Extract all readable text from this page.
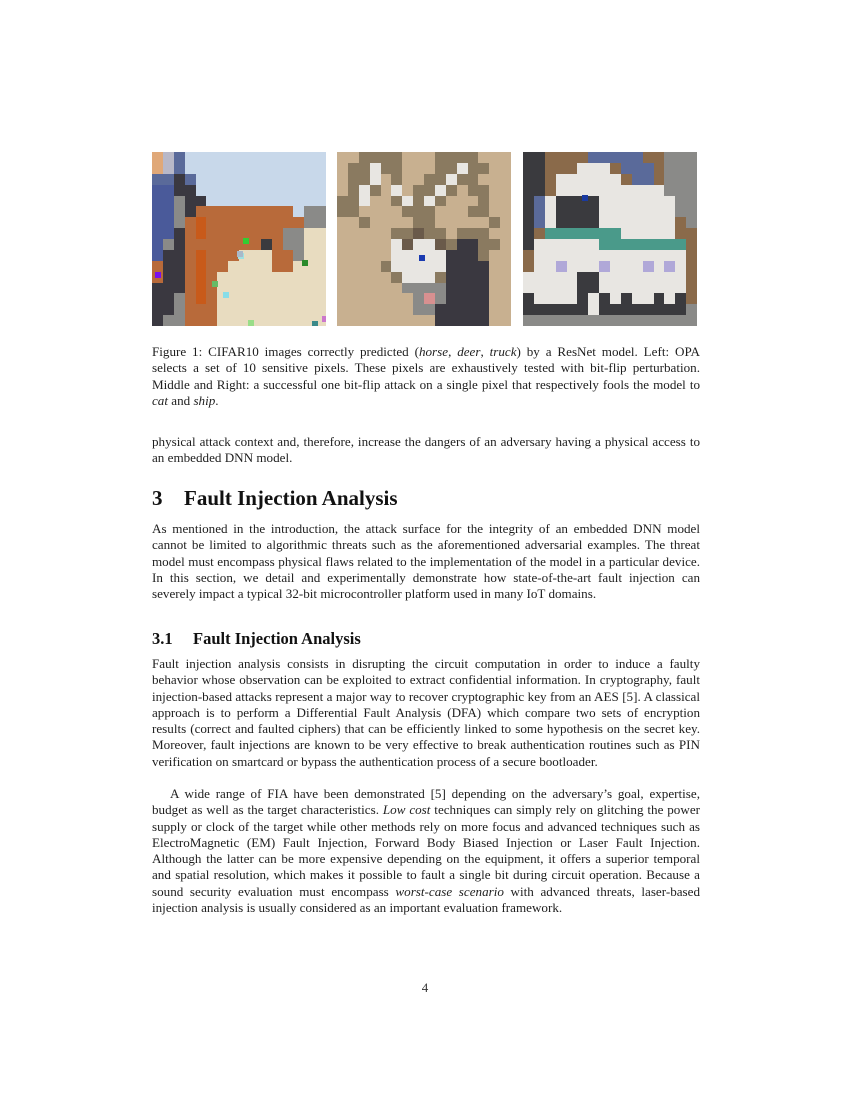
Figure 1: CIFAR10 images correctly predicted (horse, deer, truck) by a ResNet model. Left: OPA selects a set of 10 sensitive pixels. These pixels are exhaustively tested with bit-flip perturbation. Middle and Right: a successful one bit-flip attack on a single pixel that respectively fools the model to cat and ship.
physical attack context and, therefore, increase the dangers of an adversary having a physical access to an embedded DNN model.
3 Fault Injection Analysis
As mentioned in the introduction, the attack surface for the integrity of an embedded DNN model cannot be limited to algorithmic threats such as the aforementioned adversarial examples. The threat model must encompass physical flaws related to the implementation of the model in a particular device. In this section, we detail and experimentally demonstrate how state-of-the-art fault injection can severely impact a typical 32-bit microcontroller platform used in many IoT domains.
3.1 Fault Injection Analysis
Fault injection analysis consists in disrupting the circuit computation in order to induce a faulty behavior whose observation can be exploited to extract confidential information. In cryptography, fault injection-based attacks represent a major way to recover cryptographic key from an AES [5]. A classical approach is to perform a Differential Fault Analysis (DFA) which compare two sets of encryption results (correct and faulted ciphers) that can be efficiently linked to some hypothesis on the secret key. Moreover, fault injections are known to be very effective to break authentication routines such as PIN verification on smartcard or bypass the authentication process of a secure bootloader.
A wide range of FIA have been demonstrated [5] depending on the adversary’s goal, expertise, budget as well as the target characteristics. Low cost techniques can simply rely on glitching the power supply or clock of the target while other methods rely on more focus and advanced techniques such as ElectroMagnetic (EM) Fault Injection, Forward Body Biased Injection or Laser Fault Injection. Although the latter can be more expensive depending on the equipment, it offers a superior temporal and spatial resolution, which makes it possible to fault a single bit during circuit operation. Because a sound security evaluation must encompass worst-case scenario with advanced threats, laser-based injection analysis is usually considered as an important evaluation framework.
4
